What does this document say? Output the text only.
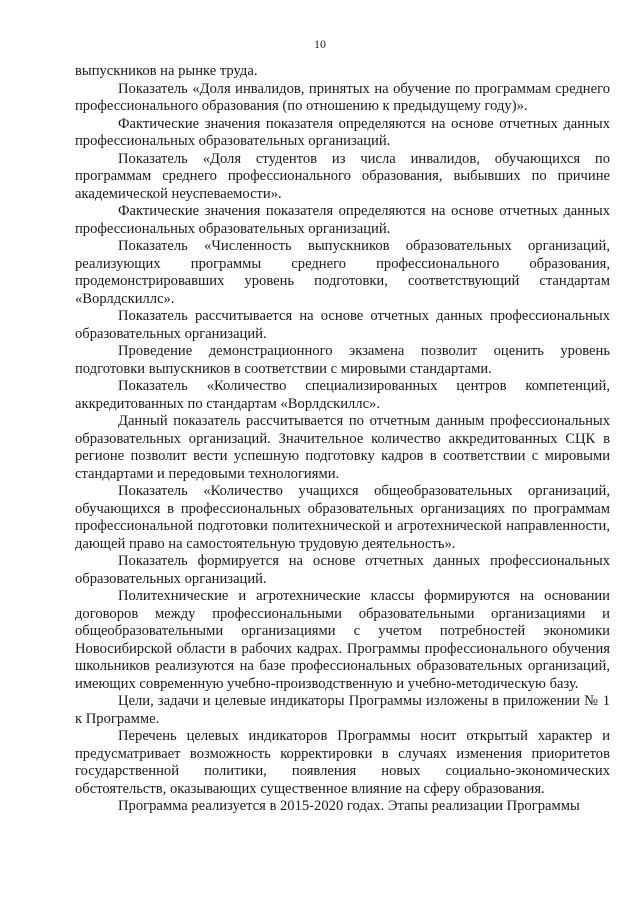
10

выпускников на рынке труда.

Показатель «Доля инвалидов, принятых на обучение по программам среднего профессионального образования (по отношению к предыдущему году)».

Фактические значения показателя определяются на основе отчетных данных профессиональных образовательных организаций.

Показатель «Доля студентов из числа инвалидов, обучающихся по программам среднего профессионального образования, выбывших по причине академической неуспеваемости».

Фактические значения показателя определяются на основе отчетных данных профессиональных образовательных организаций.

Показатель «Численность выпускников образовательных организаций, реализующих программы среднего профессионального образования, продемонстрировавших уровень подготовки, соответствующий стандартам «Ворлдскиллс».

Показатель рассчитывается на основе отчетных данных профессиональных образовательных организаций.

Проведение демонстрационного экзамена позволит оценить уровень подготовки выпускников в соответствии с мировыми стандартами.

Показатель «Количество специализированных центров компетенций, аккредитованных по стандартам «Ворлдскиллс».

Данный показатель рассчитывается по отчетным данным профессиональных образовательных организаций. Значительное количество аккредитованных СЦК в регионе позволит вести успешную подготовку кадров в соответствии с мировыми стандартами и передовыми технологиями.

Показатель «Количество учащихся общеобразовательных организаций, обучающихся в профессиональных образовательных организациях по программам профессиональной подготовки политехнической и агротехнической направленности, дающей право на самостоятельную трудовую деятельность».

Показатель формируется на основе отчетных данных профессиональных образовательных организаций.

Политехнические и агротехнические классы формируются на основании договоров между профессиональными образовательными организациями и общеобразовательными организациями с учетом потребностей экономики Новосибирской области в рабочих кадрах. Программы профессионального обучения школьников реализуются на базе профессиональных образовательных организаций, имеющих современную учебно-производственную и учебно-методическую базу.

Цели, задачи и целевые индикаторы Программы изложены в приложении № 1 к Программе.

Перечень целевых индикаторов Программы носит открытый характер и предусматривает возможность корректировки в случаях изменения приоритетов государственной политики, появления новых социально-экономических обстоятельств, оказывающих существенное влияние на сферу образования.

Программа реализуется в 2015-2020 годах. Этапы реализации Программы
